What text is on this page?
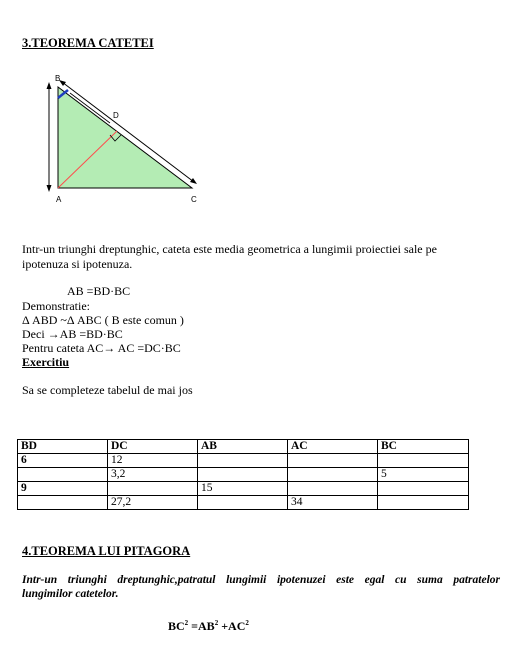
3.TEOREMA CATETEI
B
D
A	C
Intr-un triunghi dreptunghic, cateta este media geometrica a lungimii proiectiei sale pe
ipotenuza si ipotenuza.
AB =BD·BC
Demonstratie:
Δ ABD ~Δ ABC ( B este comun )
Deci →AB =BD·BC
Pentru cateta AC→ AC =DC·BC
Exercitiu
Sa se completeze tabelul de mai jos
BD	DC	AB	AC	BC
6	12			
	3,2			5
9		15		
	27,2		34	
4.TEOREMA LUI PITAGORA
Intr-un triunghi dreptunghic,patratul lungimii ipotenuzei este egal cu suma patratelor
lungimilor catetelor.
$BC^2 =AB^2 +AC^2$
